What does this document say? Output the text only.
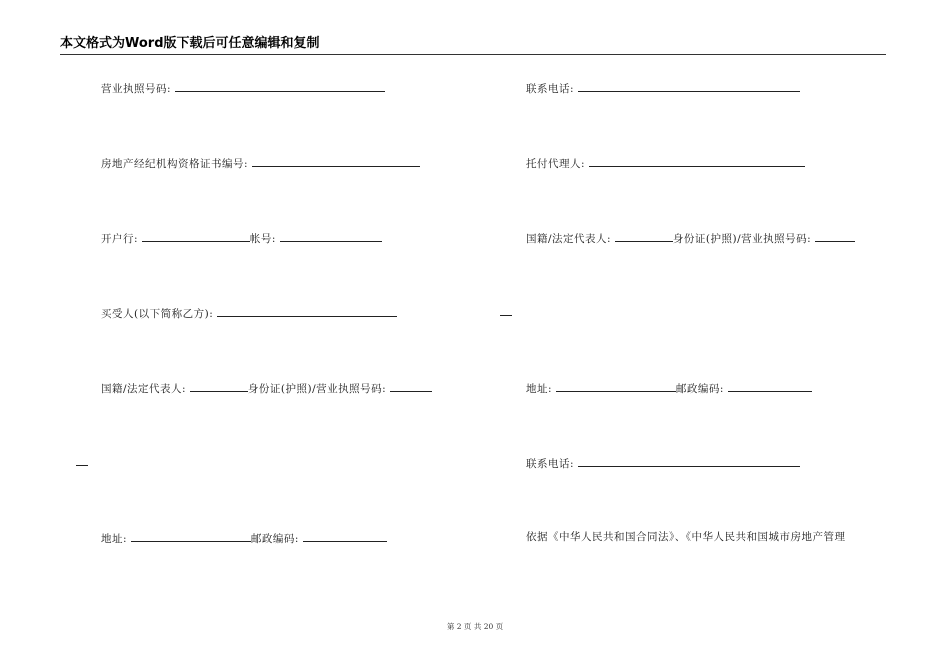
本文格式为Word版下载后可任意编辑和复制
营业执照号码:
房地产经纪机构资格证书编号:
开户行:	帐号:
买受人(以下简称乙方):
国籍/法定代表人:	身份证(护照)/营业执照号码:
地址:	邮政编码:
联系电话:
托付代理人:
国籍/法定代表人:	身份证(护照)/营业执照号码:
地址:	邮政编码:
联系电话:
依据《中华人民共和国合同法》、《中华人民共和国城市房地产管理
第 2 页 共 20 页
